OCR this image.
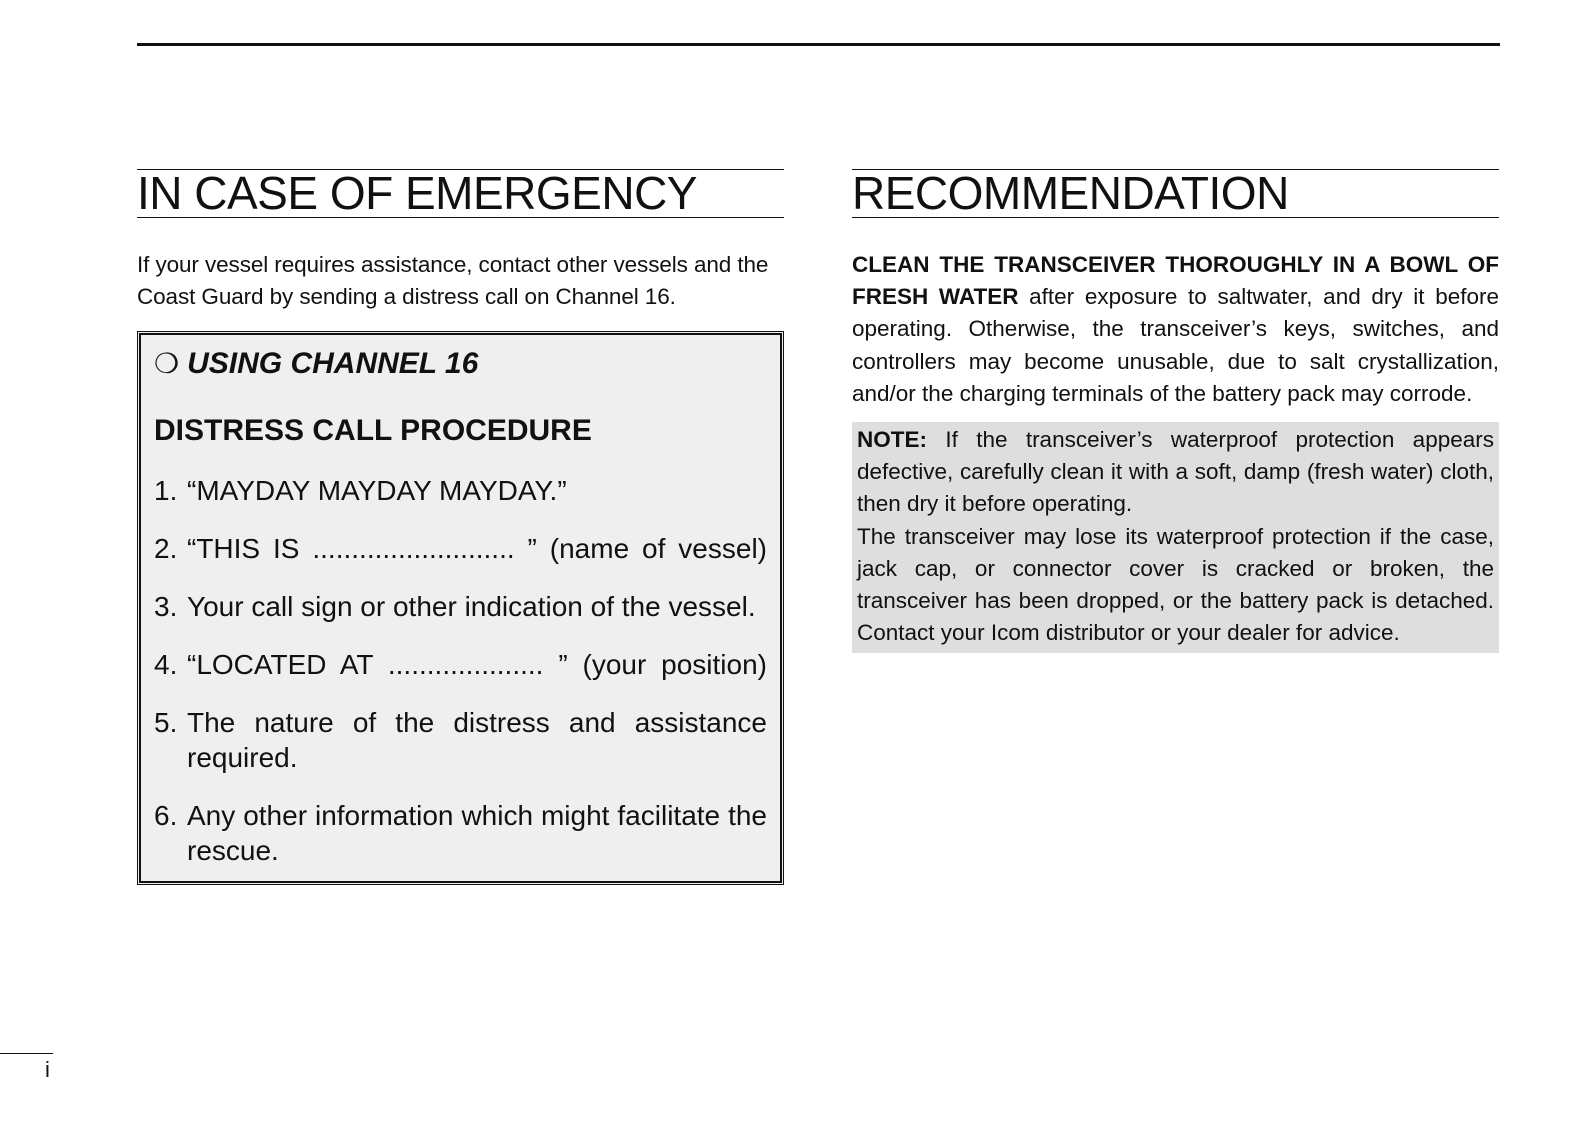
IN CASE OF EMERGENCY
If your vessel requires assistance, contact other vessels and the Coast Guard by sending a distress call on Channel 16.
❍ USING CHANNEL 16
DISTRESS CALL PROCEDURE
1. “MAYDAY MAYDAY MAYDAY.”
2. “THIS IS .......................... ” (name of vessel)
3. Your call sign or other indication of the vessel.
4. “LOCATED AT .................... ” (your position)
5. The nature of the distress and assistance required.
6. Any other information which might facilitate the rescue.
RECOMMENDATION
CLEAN THE TRANSCEIVER THOROUGHLY IN A BOWL OF FRESH WATER after exposure to saltwater, and dry it before operating. Otherwise, the transceiver’s keys, switches, and controllers may become unusable, due to salt crystallization, and/or the charging terminals of the battery pack may corrode.

NOTE: If the transceiver’s waterproof protection appears defective, carefully clean it with a soft, damp (fresh water) cloth, then dry it before operating.

The transceiver may lose its waterproof protection if the case, jack cap, or connector cover is cracked or broken, the transceiver has been dropped, or the battery pack is detached. Contact your Icom distributor or your dealer for advice.

i
